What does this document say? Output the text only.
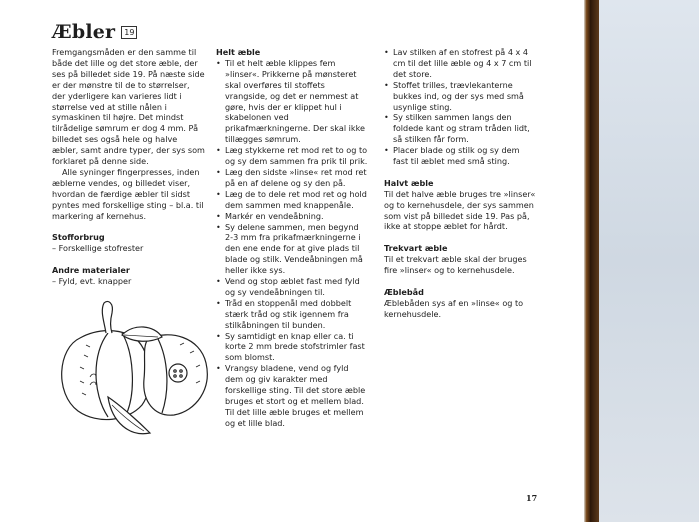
Æbler	19

Fremgangsmåden er den samme til både det lille og det store æble, der ses på billedet side 19. På næste side er der mønstre til de to størrelser, der yderligere kan varieres lidt i størrelse ved at stille nålen i symaskinen til højre. Det mindst tilrådelige sømrum er dog 4 mm. På billedet ses også hele og halve æbler, samt andre typer, der sys som forklaret på denne side.

Alle syninger fingerpresses, inden æblerne vendes, og billedet viser, hvordan de færdige æbler til sidst pyntes med forskellige sting – bl.a. til markering af kernehus.

Stofforbrug

– Forskellige stofrester

Andre materialer

– Fyld, evt. knapper

Helt æble

• Til et helt æble klippes fem »linser«. Prikkerne på mønsteret skal overføres til stoffets vrangside, og det er nemmest at gøre, hvis der er klippet hul i skabelonen ved prikafmærkningerne. Der skal ikke tillægges sømrum.
• Læg stykkerne ret mod ret to og to og sy dem sammen fra prik til prik.
• Læg den sidste »linse« ret mod ret på en af delene og sy den på.
• Læg de to dele ret mod ret og hold dem sammen med knappenåle.
• Markér en vendeåbning.
• Sy delene sammen, men begynd 2-3 mm fra prikafmærkningerne i den ene ende for at give plads til blade og stilk. Vendeåbningen må heller ikke sys.
• Vend og stop æblet fast med fyld og sy vendeåbningen til.
• Tråd en stoppenål med dobbelt stærk tråd og stik igennem fra stilkåbningen til bunden.
• Sy samtidigt en knap eller ca. ti korte 2 mm brede stofstrimler fast som blomst.
• Vrangsy bladene, vend og fyld dem og giv karakter med forskellige sting. Til det store æble bruges et stort og et mellem blad. Til det lille æble bruges et mellem og et lille blad.
• Lav stilken af en stofrest på 4 x 4 cm til det lille æble og 4 x 7 cm til det store.
• Stoffet trilles, trævlekanterne bukkes ind, og der sys med små usynlige sting.
• Sy stilken sammen langs den foldede kant og stram tråden lidt, så stilken får form.
• Placer blade og stilk og sy dem fast til æblet med små sting.

Halvt æble

Til det halve æble bruges tre »linser« og to kernehusdele, der sys sammen som vist på billedet side 19. Pas på, ikke at stoppe æblet for hårdt.

Trekvart æble

Til et trekvart æble skal der bruges fire »linser« og to kernehusdele.

Æblebåd

Æblebåden sys af en »linse« og to kernehusdele.

17
